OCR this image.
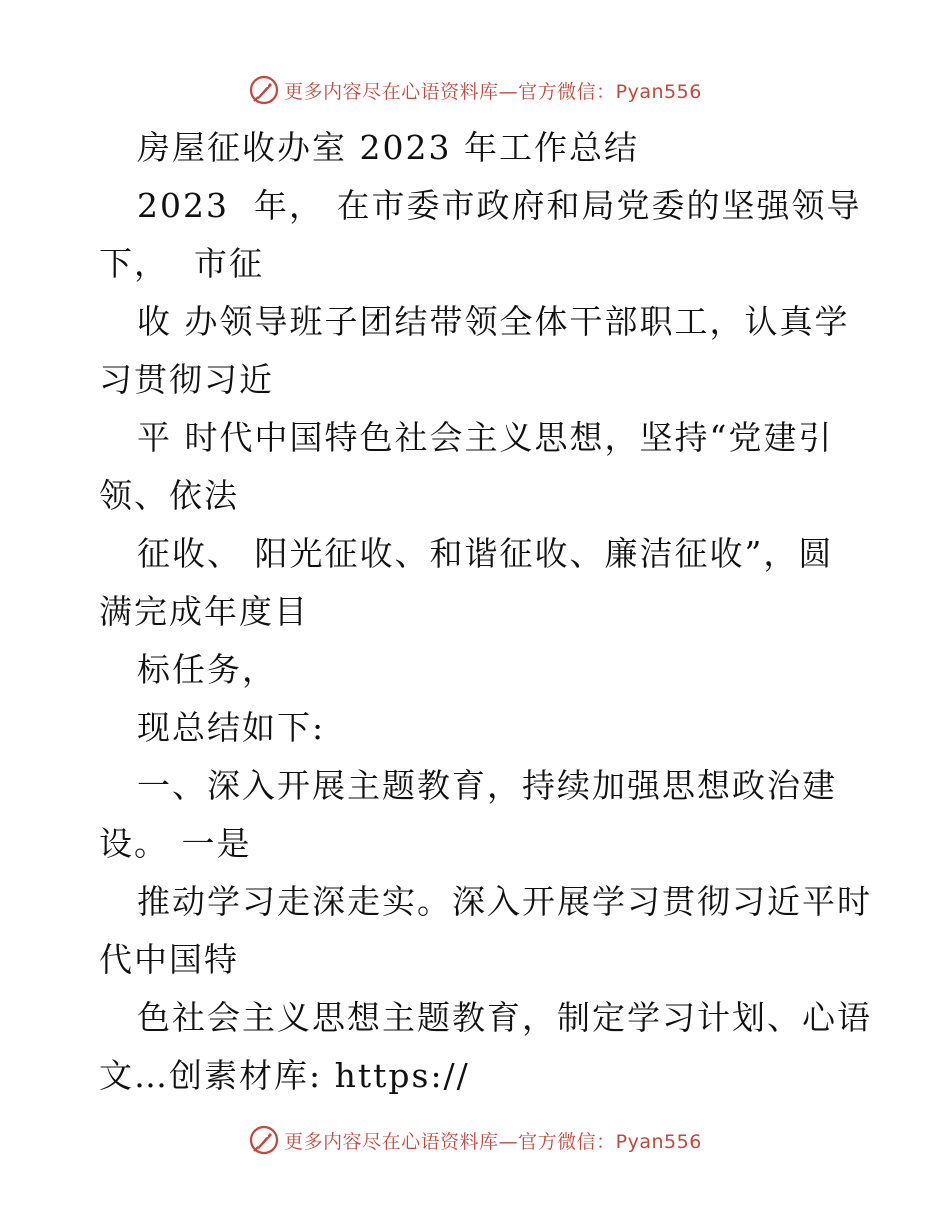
更多内容尽在心语资料库—官方微信：Pyan556
房屋征收办室 2023 年工作总结
2023  年， 在市委市政府和局党委的坚强领导
下，  市征
收 办领导班子团结带领全体干部职工，认真学
习贯彻习近
平 时代中国特色社会主义思想，坚持“党建引
领、依法
征收、 阳光征收、和谐征收、廉洁征收”，圆
满完成年度目
标任务，
现总结如下:
一、深入开展主题教育，持续加强思想政治建
设。 一是
推动学习走深走实。深入开展学习贯彻习近平时
代中国特
色社会主义思想主题教育，制定学习计划、心语
文…创素材库: https://
更多内容尽在心语资料库—官方微信：Pyan556
